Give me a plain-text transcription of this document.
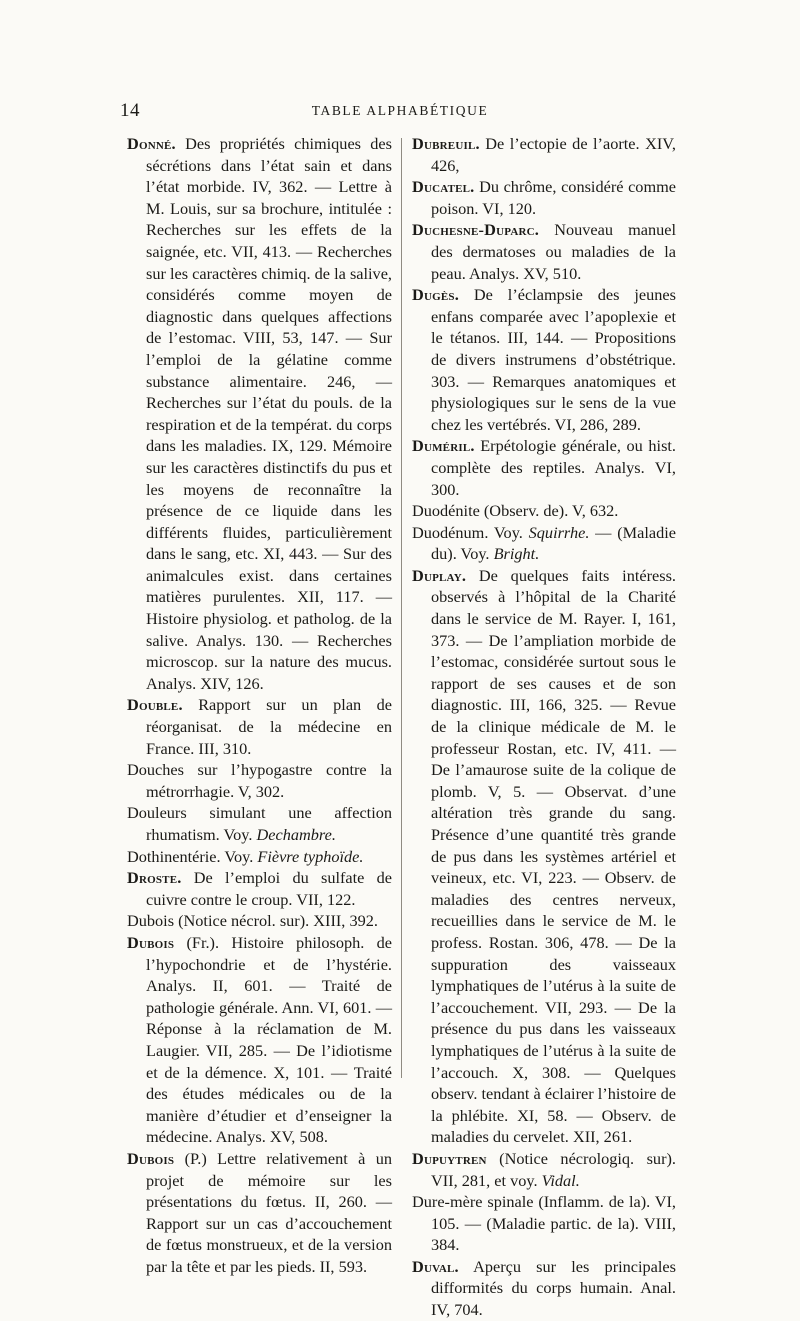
14	TABLE ALPHABÉTIQUE

Donné. Des propriétés chimiques des sécrétions dans l’état sain et dans l’état morbide. IV, 362. — Lettre à M. Louis, sur sa brochure, intitulée : Recherches sur les effets de la saignée, etc. VII, 413. — Recherches sur les caractères chimiq. de la salive, considérés comme moyen de diagnostic dans quelques affections de l’estomac. VIII, 53, 147. — Sur l’emploi de la gélatine comme substance alimentaire. 246, — Recherches sur l’état du pouls. de la respiration et de la températ. du corps dans les maladies. IX, 129. Mémoire sur les caractères distinctifs du pus et les moyens de reconnaître la présence de ce liquide dans les différents fluides, particulièrement dans le sang, etc. XI, 443. — Sur des animalcules exist. dans certaines matières purulentes. XII, 117. — Histoire physiolog. et patholog. de la salive. Analys. 130. — Recherches microscop. sur la nature des mucus. Analys. XIV, 126.

Double. Rapport sur un plan de réorganisat. de la médecine en France. III, 310.

Douches sur l’hypogastre contre la métrorrhagie. V, 302.

Douleurs simulant une affection rhumatism. Voy. Dechambre.

Dothinentérie. Voy. Fièvre typhoïde.

Droste. De l’emploi du sulfate de cuivre contre le croup. VII, 122.

Dubois (Notice nécrol. sur). XIII, 392.

Dubois (Fr.). Histoire philosoph. de l’hypochondrie et de l’hystérie. Analys. II, 601. — Traité de pathologie générale. Ann. VI, 601. — Réponse à la réclamation de M. Laugier. VII, 285. — De l’idiotisme et de la démence. X, 101. — Traité des études médicales ou de la manière d’étudier et d’enseigner la médecine. Analys. XV, 508.

Dubois (P.) Lettre relativement à un projet de mémoire sur les présentations du fœtus. II, 260. — Rapport sur un cas d’accouchement de fœtus monstrueux, et de la version par la tête et par les pieds. II, 593.

Dubreuil. De l’ectopie de l’aorte. XIV, 426,

Ducatel. Du chrôme, considéré comme poison. VI, 120.

Duchesne-Duparc. Nouveau manuel des dermatoses ou maladies de la peau. Analys. XV, 510.

Dugès. De l’éclampsie des jeunes enfans comparée avec l’apoplexie et le tétanos. III, 144. — Propositions de divers instrumens d’obstétrique. 303. — Remarques anatomiques et physiologiques sur le sens de la vue chez les vertébrés. VI, 286, 289.

Duméril. Erpétologie générale, ou hist. complète des reptiles. Analys. VI, 300.

Duodénite (Observ. de). V, 632.

Duodénum. Voy. Squirrhe. — (Maladie du). Voy. Bright.

Duplay. De quelques faits intéress. observés à l’hôpital de la Charité dans le service de M. Rayer. I, 161, 373. — De l’ampliation morbide de l’estomac, considérée surtout sous le rapport de ses causes et de son diagnostic. III, 166, 325. — Revue de la clinique médicale de M. le professeur Rostan, etc. IV, 411. — De l’amaurose suite de la colique de plomb. V, 5. — Observat. d’une altération très grande du sang. Présence d’une quantité très grande de pus dans les systèmes artériel et veineux, etc. VI, 223. — Observ. de maladies des centres nerveux, recueillies dans le service de M. le profess. Rostan. 306, 478. — De la suppuration des vaisseaux lymphatiques de l’utérus à la suite de l’accouchement. VII, 293. — De la présence du pus dans les vaisseaux lymphatiques de l’utérus à la suite de l’accouch. X, 308. — Quelques observ. tendant à éclairer l’histoire de la phlébite. XI, 58. — Observ. de maladies du cervelet. XII, 261.

Dupuytren (Notice nécrologiq. sur). VII, 281, et voy. Vidal.

Dure-mère spinale (Inflamm. de la). VI, 105. — (Maladie partic. de la). VIII, 384.

Duval. Aperçu sur les principales difformités du corps humain. Anal. IV, 704.
